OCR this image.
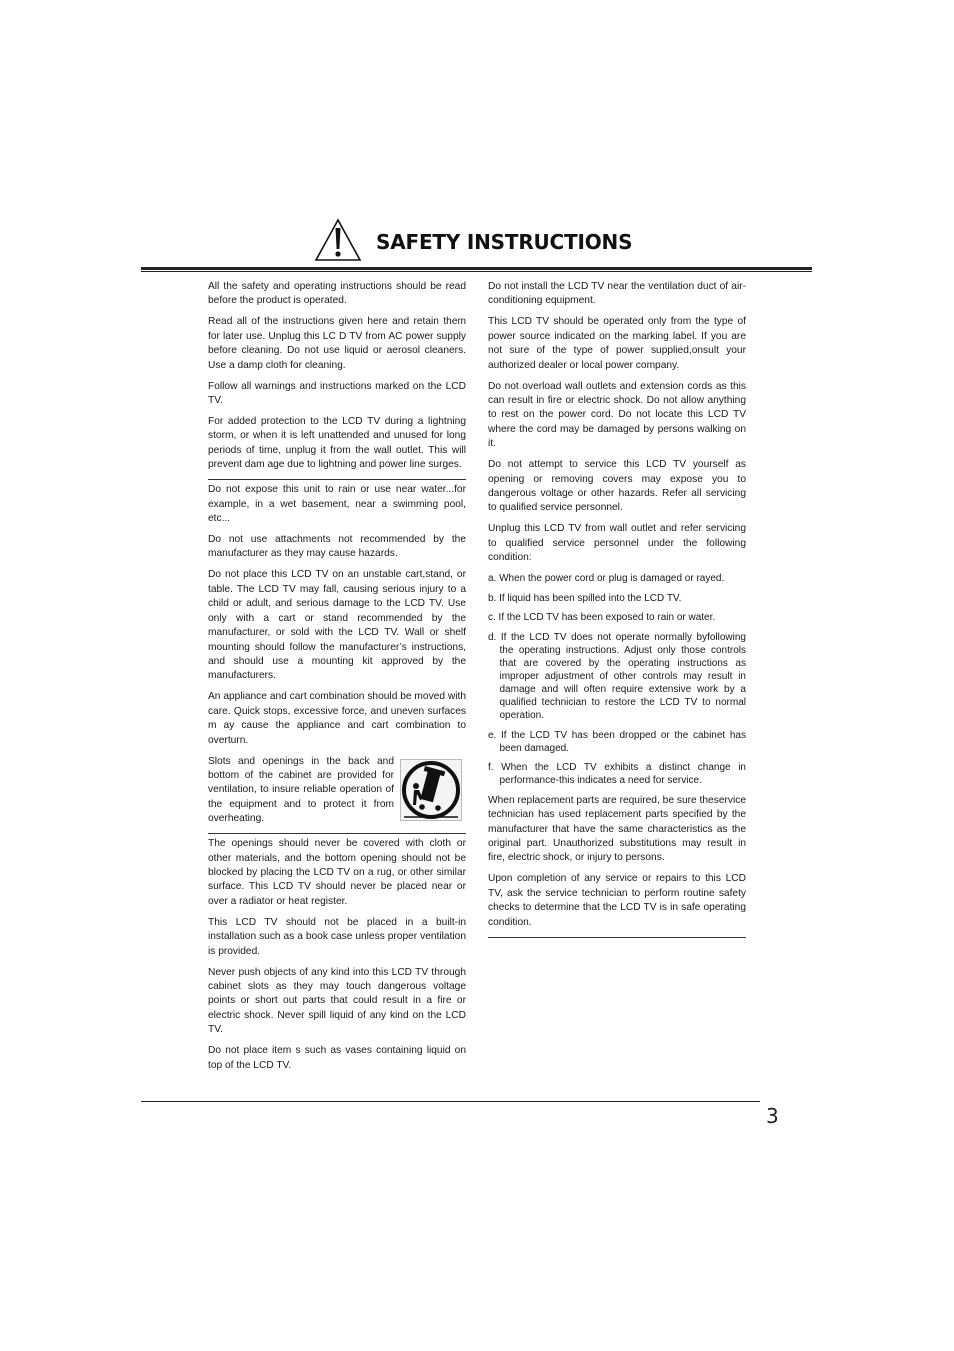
SAFETY INSTRUCTIONS

All the safety and operating instructions should be read before the product is operated.

Read all of the instructions given here and retain them for later use. Unplug this LC D TV from AC power supply before cleaning. Do not use liquid or aerosol cleaners. Use a damp cloth for cleaning.

Follow all warnings and instructions marked on the LCD TV.

For added protection to the LCD TV during a lightning storm, or when it is left unattended and unused for long periods of time, unplug it from the wall outlet. This will prevent dam age due to lightning and power line surges.

Do not expose this unit to rain or use near water...for example, in a wet basement, near a swimming pool, etc...

Do not use attachments not recommended by the manufacturer as they may cause hazards.

Do not place this LCD TV on an unstable cart,stand, or table. The LCD TV may fall, causing serious injury to a child or adult, and serious damage to the LCD TV. Use only with a cart or stand recommended by the manufacturer, or sold with the LCD TV. Wall or shelf mounting should follow the manufacturer’s instructions, and should use a mounting kit approved by the manufacturers.

An appliance and cart combination should be moved with care. Quick stops, excessive force, and uneven surfaces m ay cause the appliance and cart combination to overturn.

Slots and openings in the back and bottom of the cabinet are provided for ventilation, to insure reliable operation of the equipment and to protect it from overheating.

The openings should never be covered with cloth or other materials, and the bottom opening should not be blocked by placing the LCD TV on a rug, or other similar surface. This LCD TV should never be placed near or over a radiator or heat register.

This LCD TV should not be placed in a built-in installation such as a book case unless proper ventilation is provided.

Never push objects of any kind into this LCD TV through cabinet slots as they may touch dangerous voltage points or short out parts that could result in a fire or electric shock. Never spill liquid of any kind on the LCD TV.

Do not place item s such as vases containing liquid on top of the LCD TV.

Do not install the LCD TV near the ventilation duct of air-conditioning equipment.

This LCD TV should be operated only from the type of power source indicated on the marking label. If you are not sure of the type of power supplied,onsult your authorized dealer or local power company.

Do not overload wall outlets and extension cords as this can result in fire or electric shock. Do not allow anything to rest on the power cord. Do not locate this LCD TV where the cord may be damaged by persons walking on it.

Do not attempt to service this LCD TV yourself as opening or removing covers may expose you to dangerous voltage or other hazards. Refer all servicing to qualified service personnel.

Unplug this LCD TV from wall outlet and refer servicing to qualified service personnel under the following condition:

a. When the power cord or plug is damaged or rayed.

b. If liquid has been spilled into the LCD TV.

c. If the LCD TV has been exposed to rain or water.

d. If the LCD TV does not operate normally byfollowing the operating instructions. Adjust only those controls that are covered by the operating instructions as improper adjustment of other controls may result in damage and will often require extensive work by a qualified technician to restore the LCD TV to normal operation.

e. If the LCD TV has been dropped or the cabinet has been damaged.

f. When the LCD TV exhibits a distinct change in performance-this indicates a need for service.

When replacement parts are required, be sure theservice technician has used replacement parts specified by the manufacturer that have the same characteristics as the original part. Unauthorized substitutions may result in fire, electric shock, or injury to persons.

Upon completion of any service or repairs to this LCD TV, ask the service technician to perform routine safety checks to determine that the LCD TV is in safe operating condition.

3
